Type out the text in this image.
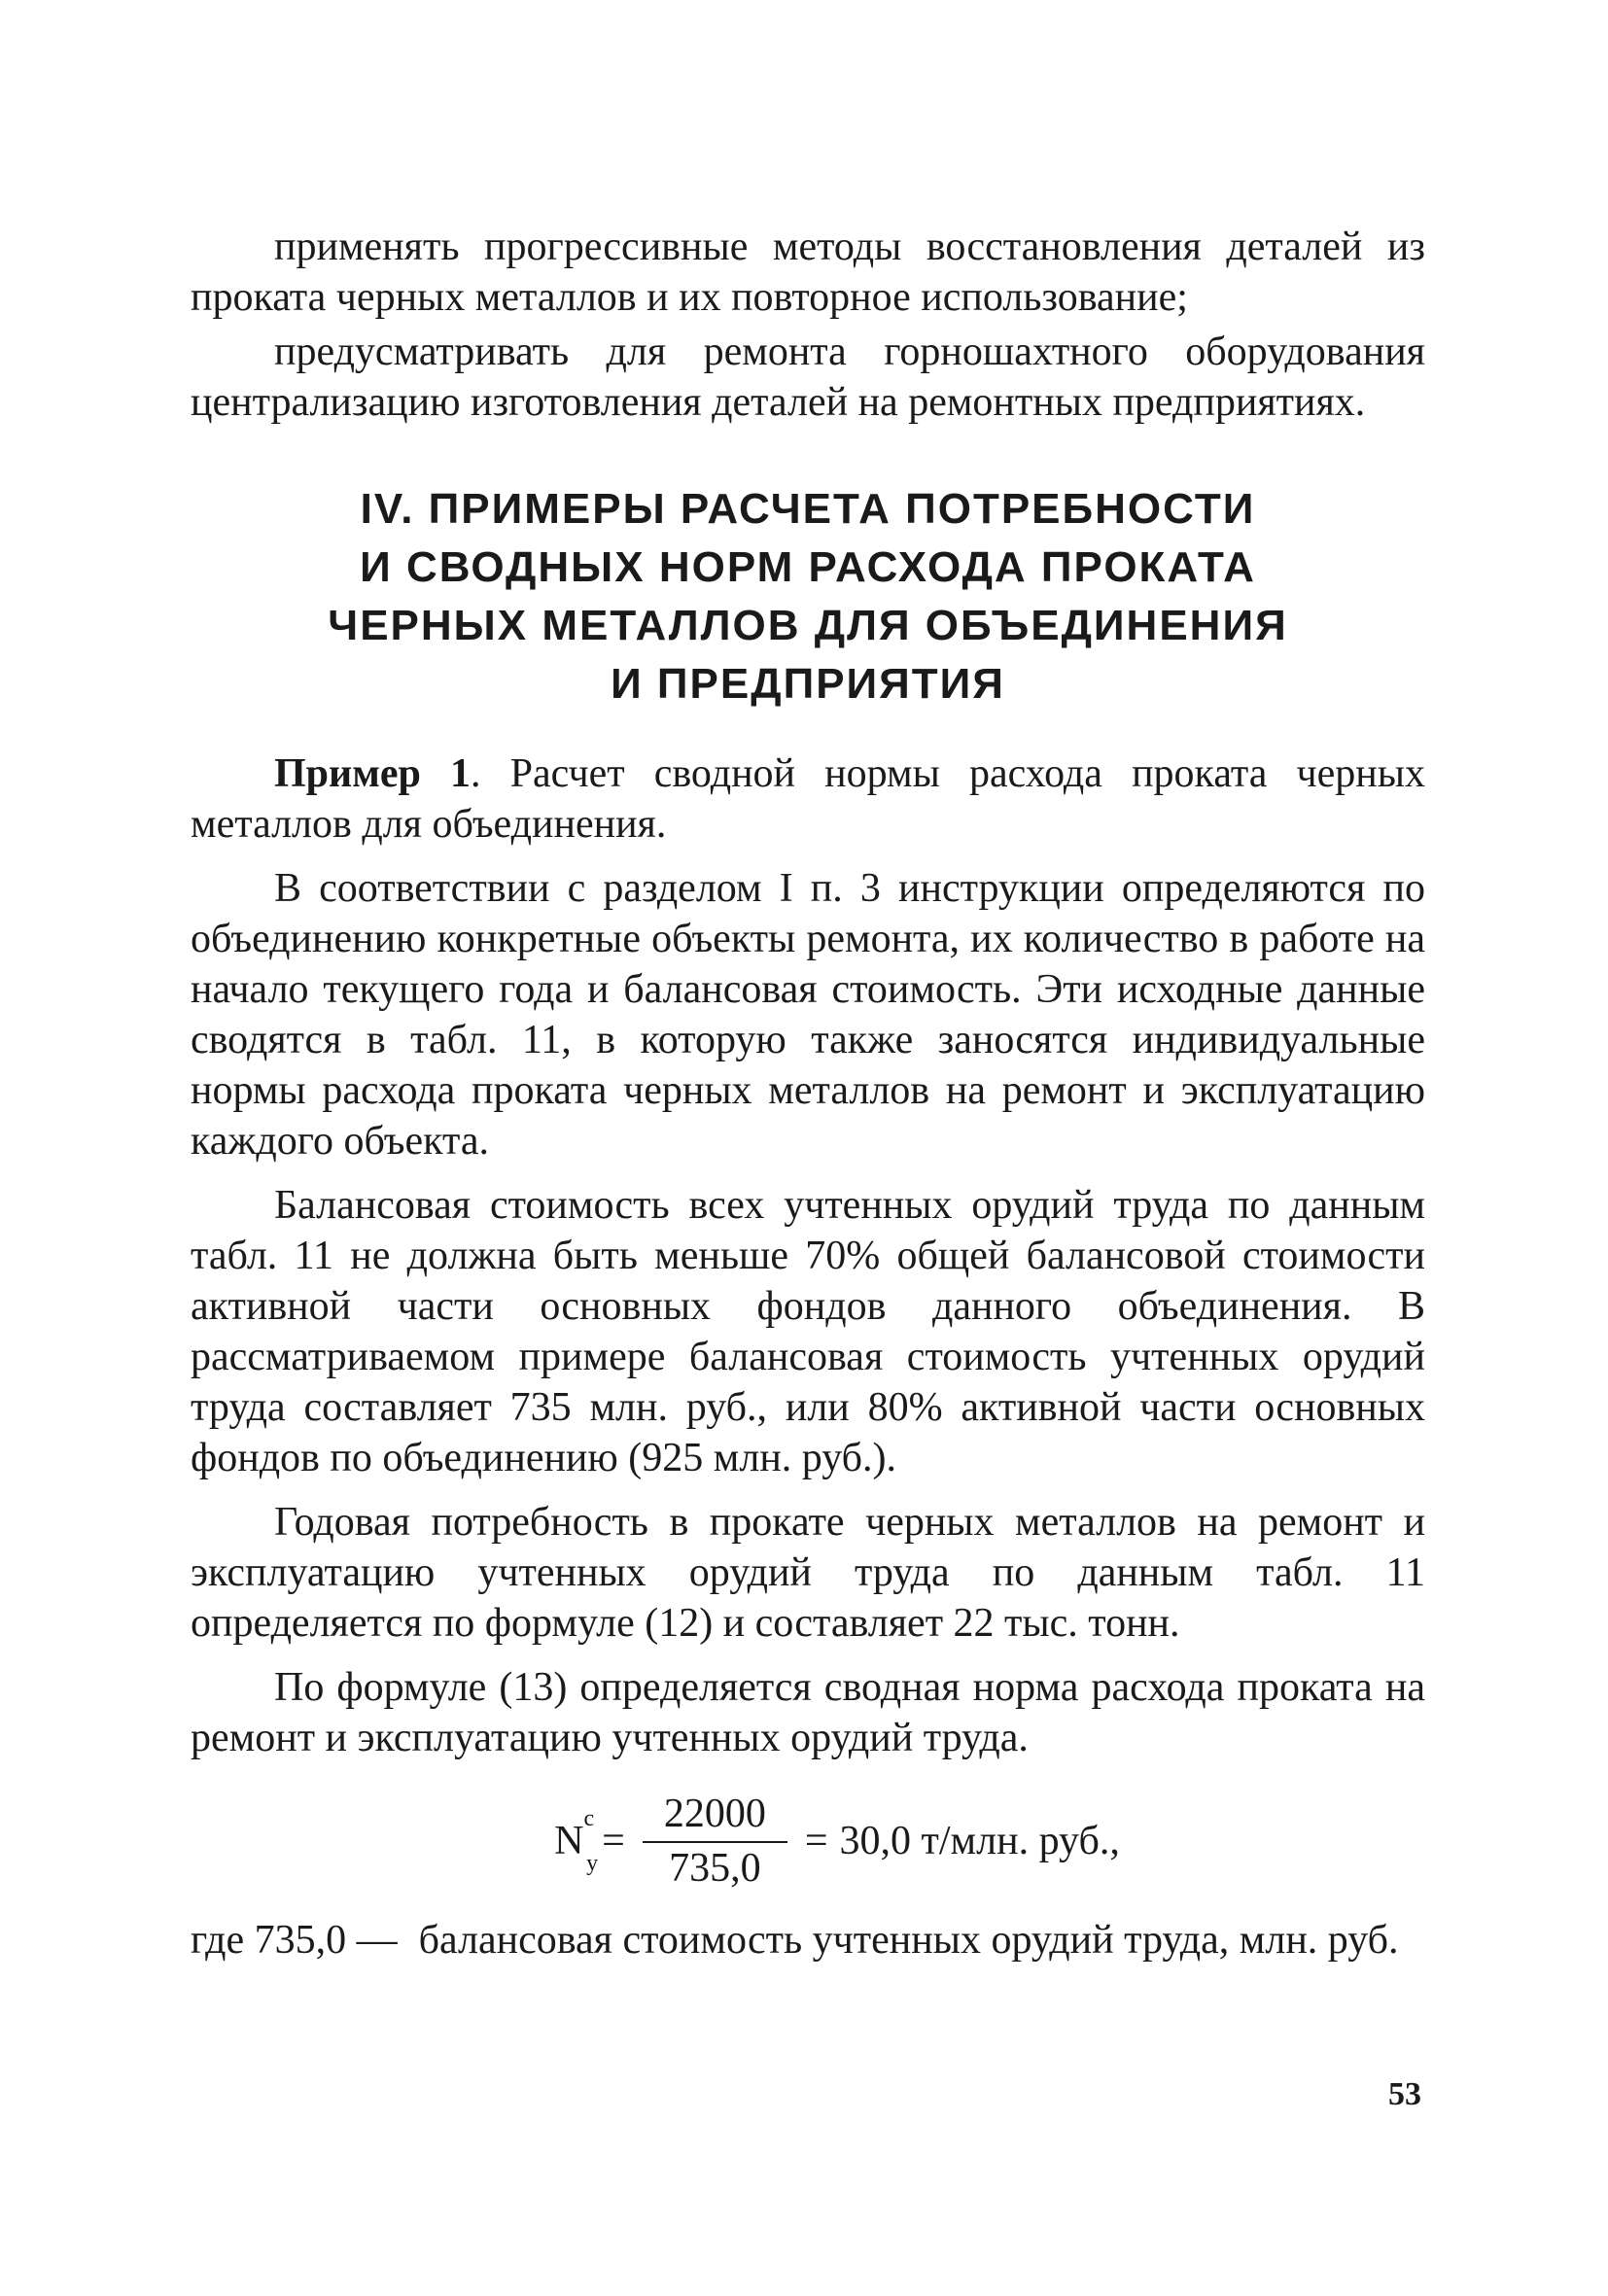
применять прогрессивные методы восстановления деталей из проката черных металлов и их повторное использование;

предусматривать для ремонта горношахтного оборудования централизацию изготовления деталей на ремонтных предприятиях.

IV. ПРИМЕРЫ РАСЧЕТА ПОТРЕБНОСТИ
И СВОДНЫХ НОРМ РАСХОДА ПРОКАТА
ЧЕРНЫХ МЕТАЛЛОВ ДЛЯ ОБЪЕДИНЕНИЯ
И ПРЕДПРИЯТИЯ

Пример 1. Расчет сводной нормы расхода проката черных металлов для объединения.

В соответствии с разделом I п. 3 инструкции определяются по объединению конкретные объекты ремонта, их количество в работе на начало текущего года и балансовая стоимость. Эти исходные данные сводятся в табл. 11, в которую также заносятся индивидуальные нормы расхода проката черных металлов на ремонт и эксплуатацию каждого объекта.

Балансовая стоимость всех учтенных орудий труда по данным табл. 11 не должна быть меньше 70% общей балансовой стоимости активной части основных фондов данного объединения. В рассматриваемом примере балансовая стоимость учтенных орудий труда составляет 735 млн. руб., или 80% активной части основных фондов по объединению (925 млн. руб.).

Годовая потребность в прокате черных металлов на ремонт и эксплуатацию учтенных орудий труда по данным табл. 11 определяется по формуле (12) и составляет 22 тыс. тонн.

По формуле (13) определяется сводная норма расхода проката на ремонт и эксплуатацию учтенных орудий труда.

$N^c$
$y = \frac{22000}{735,0} = 30,0$ т/млн. руб.,
где 735,0 — балансовая стоимость учтенных орудий труда, млн. руб.
53
